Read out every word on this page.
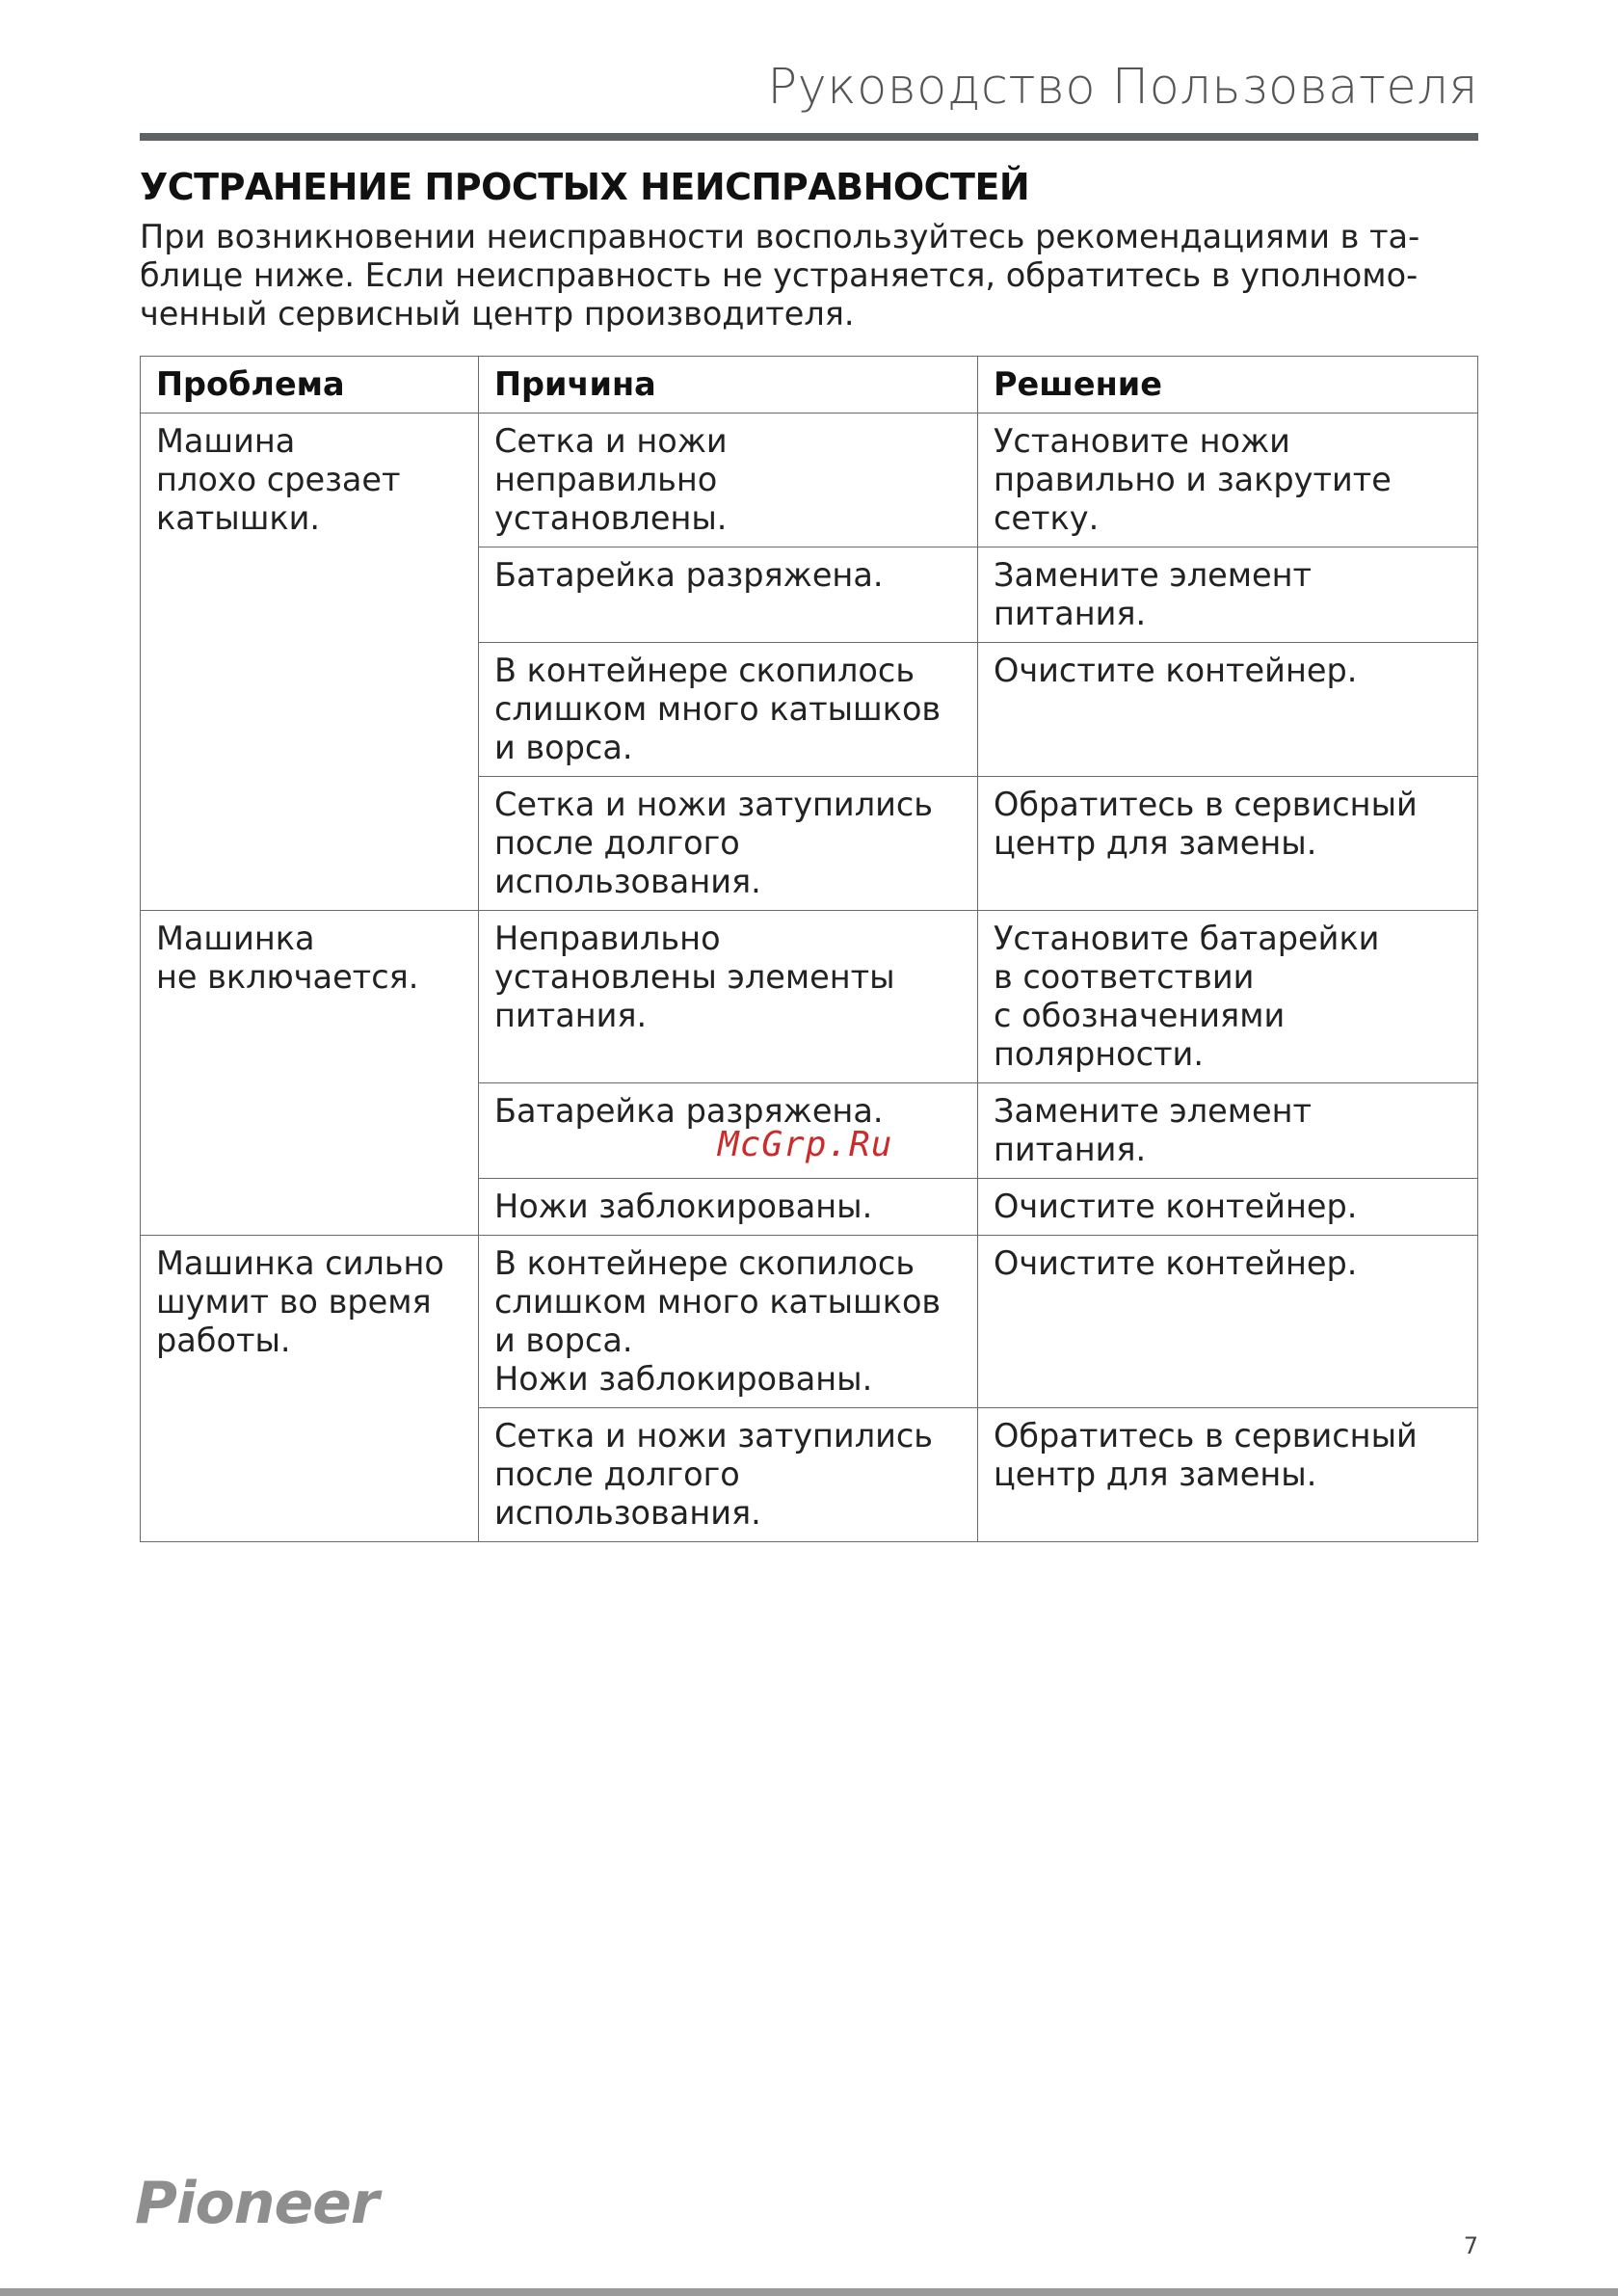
Руководство Пользователя
УСТРАНЕНИЕ ПРОСТЫХ НЕИСПРАВНОСТЕЙ
При возникновении неисправности воспользуйтесь рекомендациями в та-
блице ниже. Если неисправность не устраняется, обратитесь в уполномо-
ченный сервисный центр производителя.
Проблема	Причина	Решение

Машина
плохо срезает
катышки.	Сетка и ножи
неправильно
установлены.	Установите ножи
правильно и закрутите
сетку.

	Батарейка разряжена.	Замените элемент
питания.

	В контейнере скопилось
слишком много катышков
и ворса.	Очистите контейнер.

	Сетка и ножи затупились
после долгого
использования.	Обратитесь в сервисный
центр для замены.

Машинка
не включается.	Неправильно
установлены элементы
питания.	Установите батарейки
в соответствии
с обозначениями
полярности.

	Батарейка разряжена.	Замените элемент
питания.

	Ножи заблокированы.	Очистите контейнер.

Машинка сильно
шумит во время
работы.	В контейнере скопилось
слишком много катышков
и ворса.
Ножи заблокированы.	Очистите контейнер.

	Сетка и ножи затупились
после долгого
использования.	Обратитесь в сервисный
центр для замены.
McGrp.Ru
Pioneer
7
